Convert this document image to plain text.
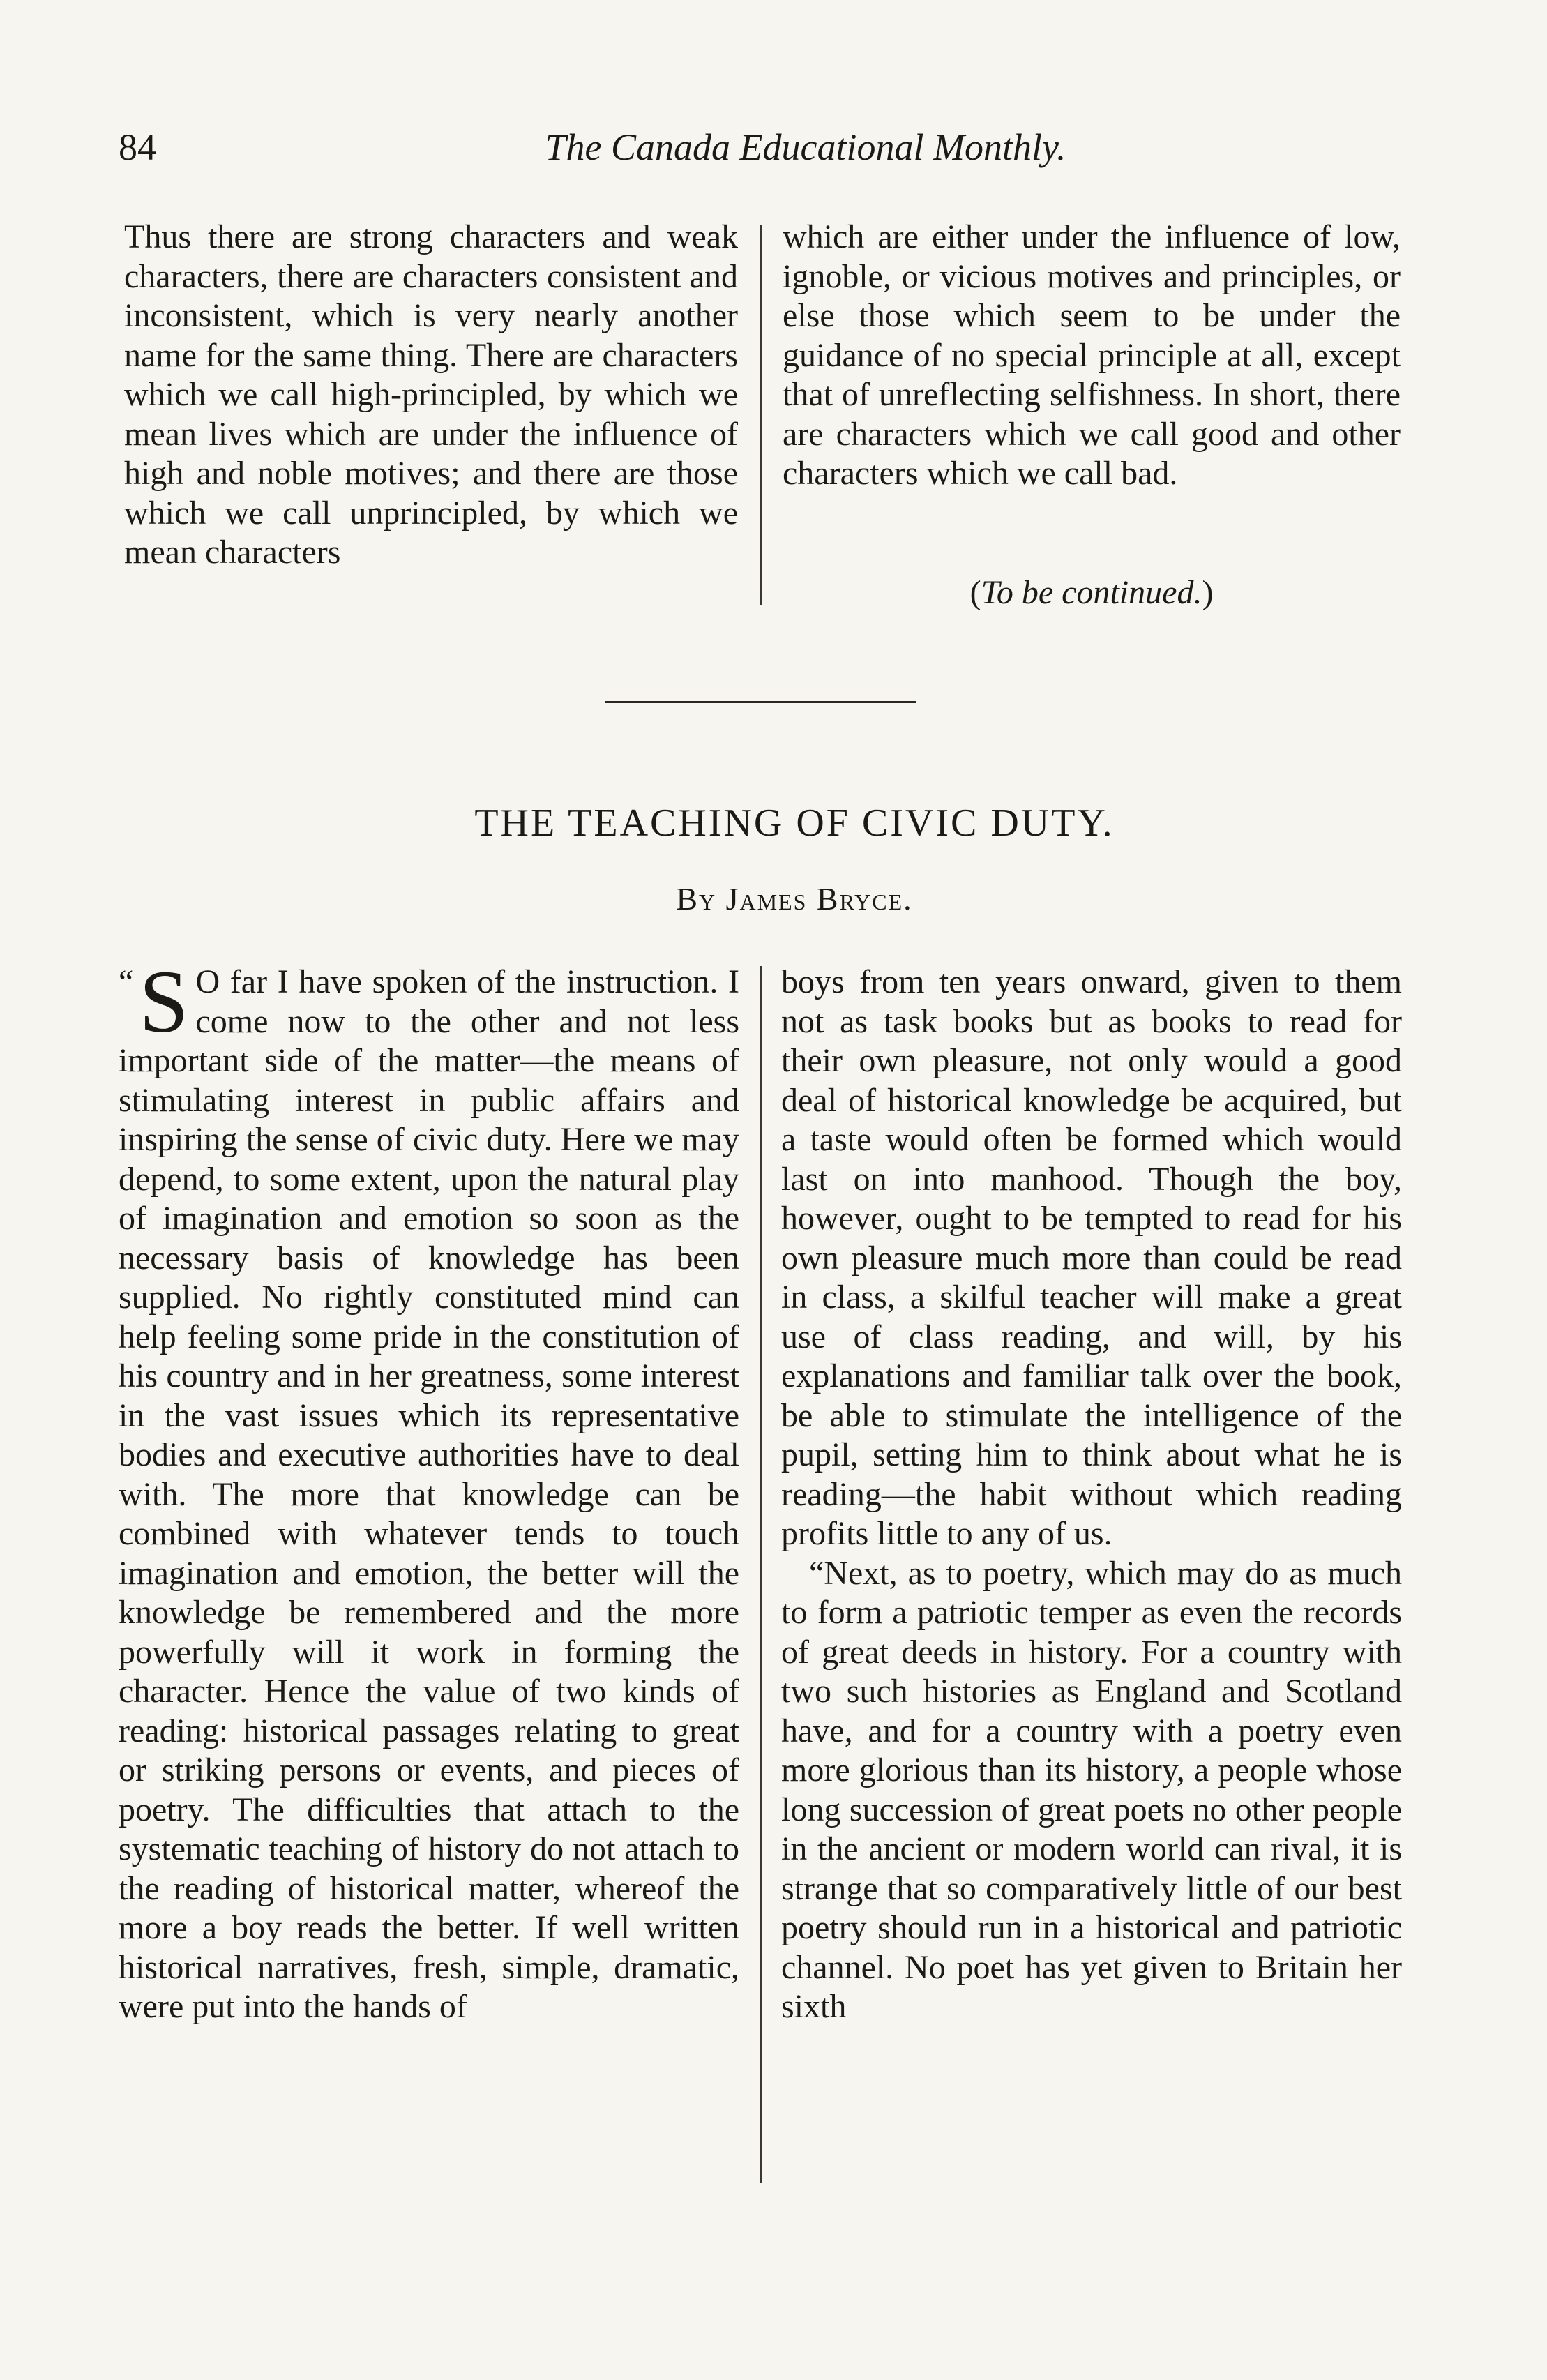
84	The Canada Educational Monthly.

Thus there are strong characters and weak characters, there are characters consistent and inconsistent, which is very nearly another name for the same thing. There are characters which we call high-principled, by which we mean lives which are under the influence of high and noble motives; and there are those which we call unprincipled, by which we mean characters

which are either under the influence of low, ignoble, or vicious motives and principles, or else those which seem to be under the guidance of no special principle at all, except that of unreflecting selfishness. In short, there are characters which we call good and other characters which we call bad.

(To be continued.)
THE TEACHING OF CIVIC DUTY.
By James Bryce.

“ S O far I have spoken of the instruction. I come now to the other and not less important side of the matter—the means of stimulating interest in public affairs and inspiring the sense of civic duty. Here we may depend, to some extent, upon the natural play of imagination and emotion so soon as the necessary basis of knowledge has been supplied. No rightly constituted mind can help feeling some pride in the constitution of his country and in her greatness, some interest in the vast issues which its representative bodies and executive authorities have to deal with. The more that knowledge can be combined with whatever tends to touch imagination and emotion, the better will the knowledge be remembered and the more powerfully will it work in forming the character. Hence the value of two kinds of reading: historical passages relating to great or striking persons or events, and pieces of poetry. The difficulties that attach to the systematic teaching of history do not attach to the reading of historical matter, whereof the more a boy reads the better. If well written historical narratives, fresh, simple, dramatic, were put into the hands of

boys from ten years onward, given to them not as task books but as books to read for their own pleasure, not only would a good deal of historical knowledge be acquired, but a taste would often be formed which would last on into manhood. Though the boy, however, ought to be tempted to read for his own pleasure much more than could be read in class, a skilful teacher will make a great use of class reading, and will, by his explanations and familiar talk over the book, be able to stimulate the intelligence of the pupil, setting him to think about what he is reading—the habit without which reading profits little to any of us.

“Next, as to poetry, which may do as much to form a patriotic temper as even the records of great deeds in history. For a country with two such histories as England and Scotland have, and for a country with a poetry even more glorious than its history, a people whose long succession of great poets no other people in the ancient or modern world can rival, it is strange that so comparatively little of our best poetry should run in a historical and patriotic channel. No poet has yet given to Britain her sixth
